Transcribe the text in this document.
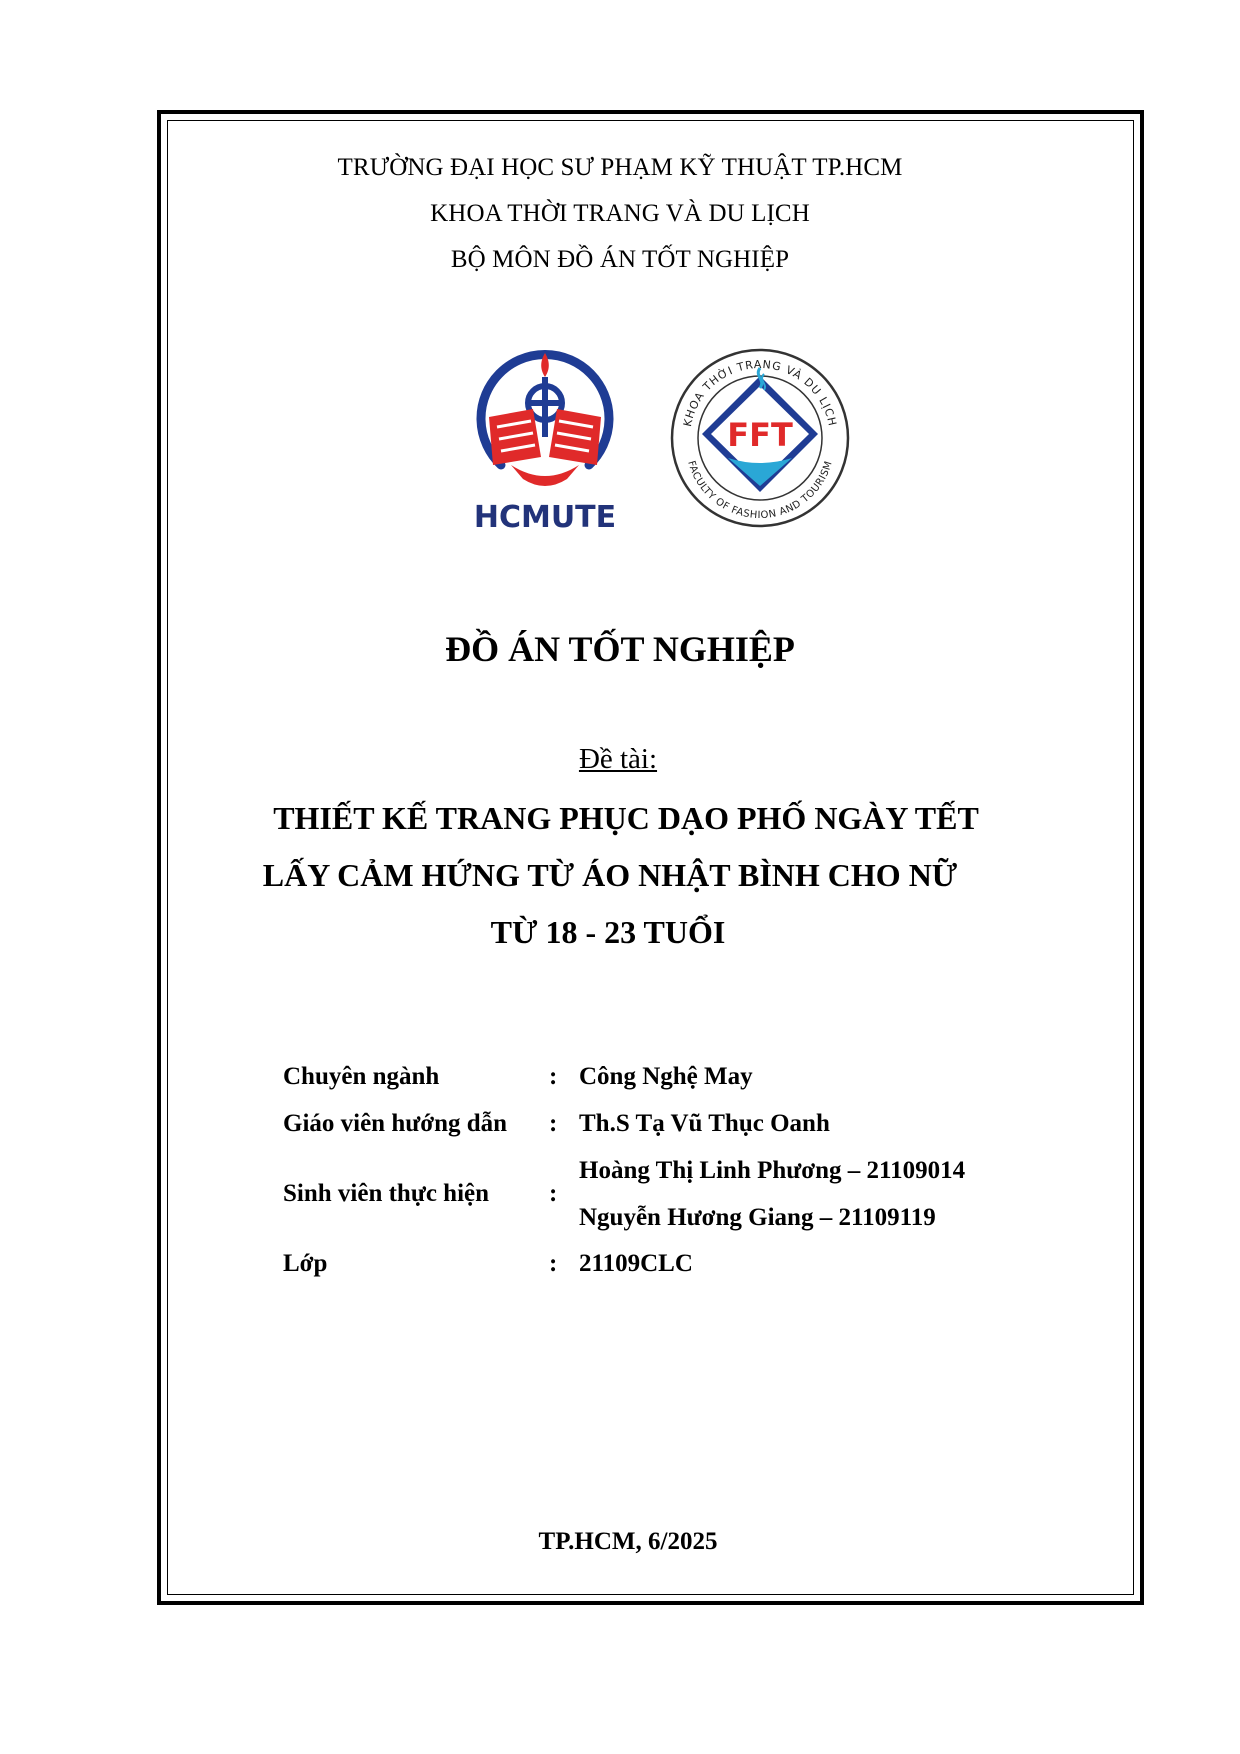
TRƯỜNG ĐẠI HỌC SƯ PHẠM KỸ THUẬT TP.HCM
KHOA THỜI TRANG VÀ DU LỊCH
BỘ MÔN ĐỒ ÁN TỐT NGHIỆP
HCMUTE
KHOA THỜI TRANG VÀ DU LỊCH
FACULTY OF FASHION AND TOURISM
FFT
ĐỒ ÁN TỐT NGHIỆP
Đề tài:
THIẾT KẾ TRANG PHỤC DẠO PHỐ NGÀY TẾT
LẤY CẢM HỨNG TỪ ÁO NHẬT BÌNH CHO NỮ
TỪ 18 - 23 TUỔI
Chuyên ngành	: Công Nghệ May
Giáo viên hướng dẫn : Th.S Tạ Vũ Thục Oanh
Sinh viên thực hiện :
Hoàng Thị Linh Phương – 21109014
Nguyễn Hương Giang – 21109119
Lớp	: 21109CLC
TP.HCM, 6/2025
